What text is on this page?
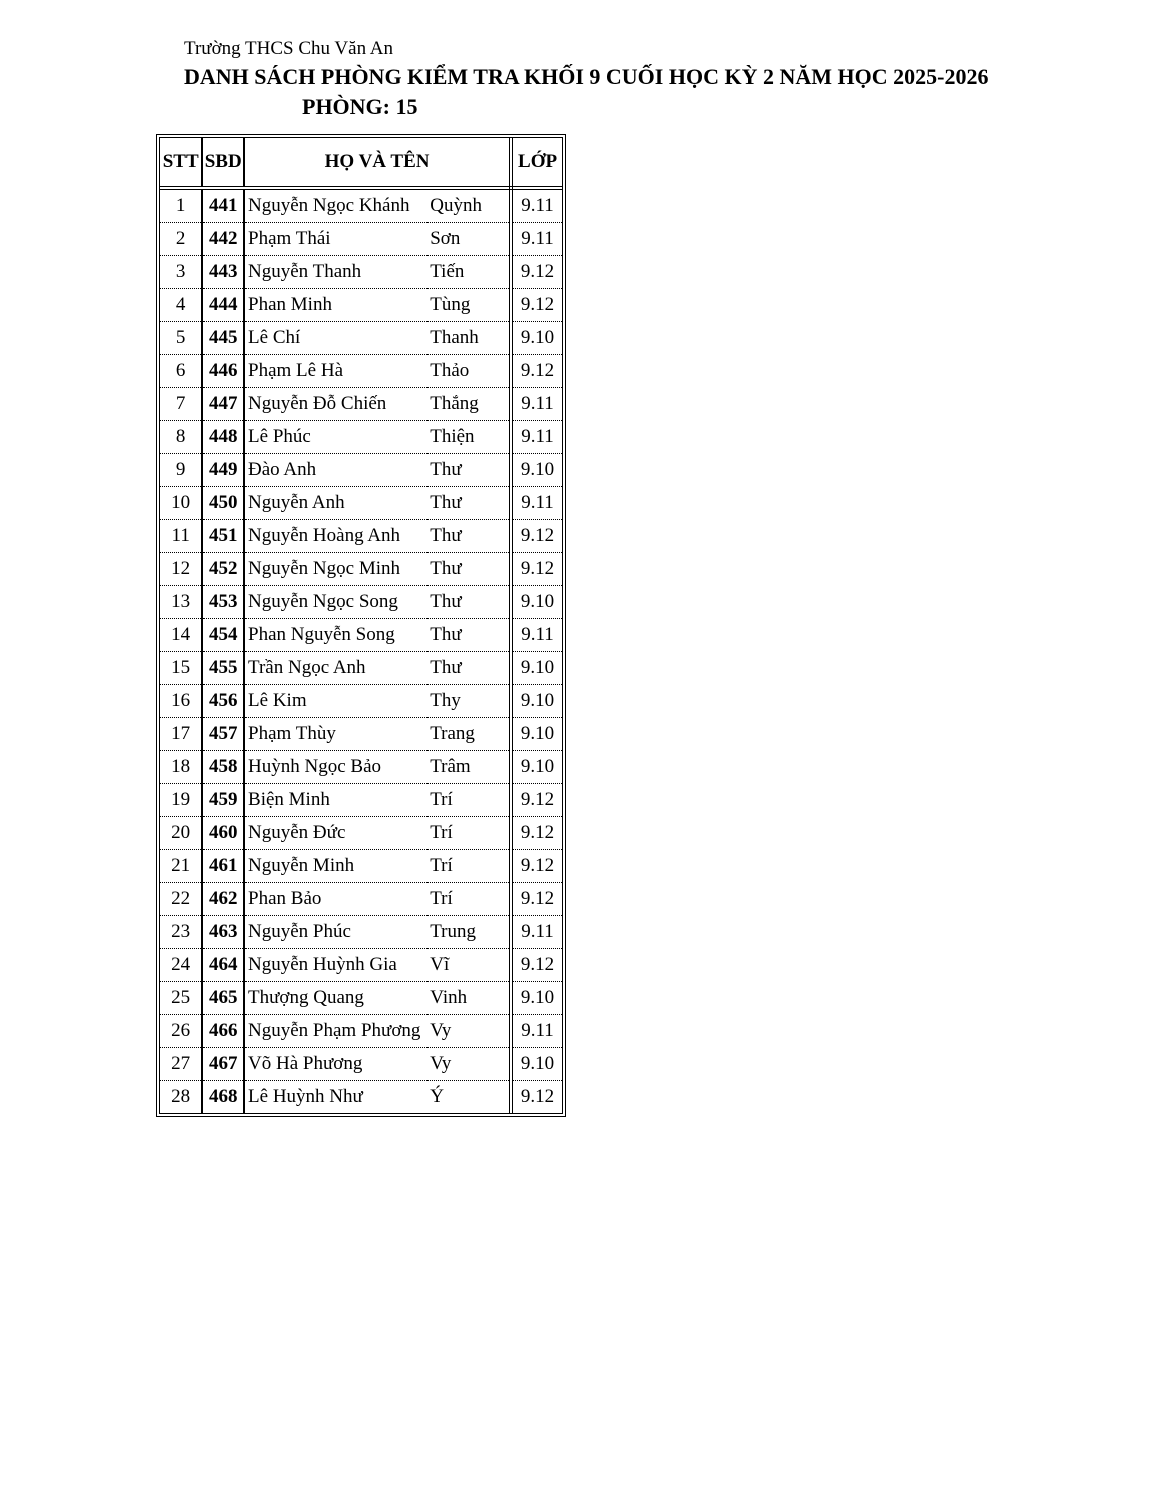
Trường THCS Chu Văn An
DANH SÁCH PHÒNG KIỂM TRA KHỐI 9 CUỐI HỌC KỲ 2 NĂM HỌC 2025-2026
PHÒNG: 15
STT	SBD	HỌ VÀ TÊN		LỚP
1	441	Nguyễn Ngọc Khánh	Quỳnh	9.11
2	442	Phạm Thái	Sơn	9.11
3	443	Nguyễn Thanh	Tiến	9.12
4	444	Phan Minh	Tùng	9.12
5	445	Lê Chí	Thanh	9.10
6	446	Phạm Lê Hà	Thảo	9.12
7	447	Nguyễn Đỗ Chiến	Thắng	9.11
8	448	Lê Phúc	Thiện	9.11
9	449	Đào Anh	Thư	9.10
10	450	Nguyễn Anh	Thư	9.11
11	451	Nguyễn Hoàng Anh	Thư	9.12
12	452	Nguyễn Ngọc Minh	Thư	9.12
13	453	Nguyễn Ngọc Song	Thư	9.10
14	454	Phan Nguyễn Song	Thư	9.11
15	455	Trần Ngọc Anh	Thư	9.10
16	456	Lê Kim	Thy	9.10
17	457	Phạm Thùy	Trang	9.10
18	458	Huỳnh Ngọc Bảo	Trâm	9.10
19	459	Biện Minh	Trí	9.12
20	460	Nguyễn Đức	Trí	9.12
21	461	Nguyễn Minh	Trí	9.12
22	462	Phan Bảo	Trí	9.12
23	463	Nguyễn Phúc	Trung	9.11
24	464	Nguyễn Huỳnh Gia	Vĩ	9.12
25	465	Thượng Quang	Vinh	9.10
26	466	Nguyễn Phạm Phương	Vy	9.11
27	467	Võ Hà Phương	Vy	9.10
28	468	Lê Huỳnh Như	Ý	9.12
